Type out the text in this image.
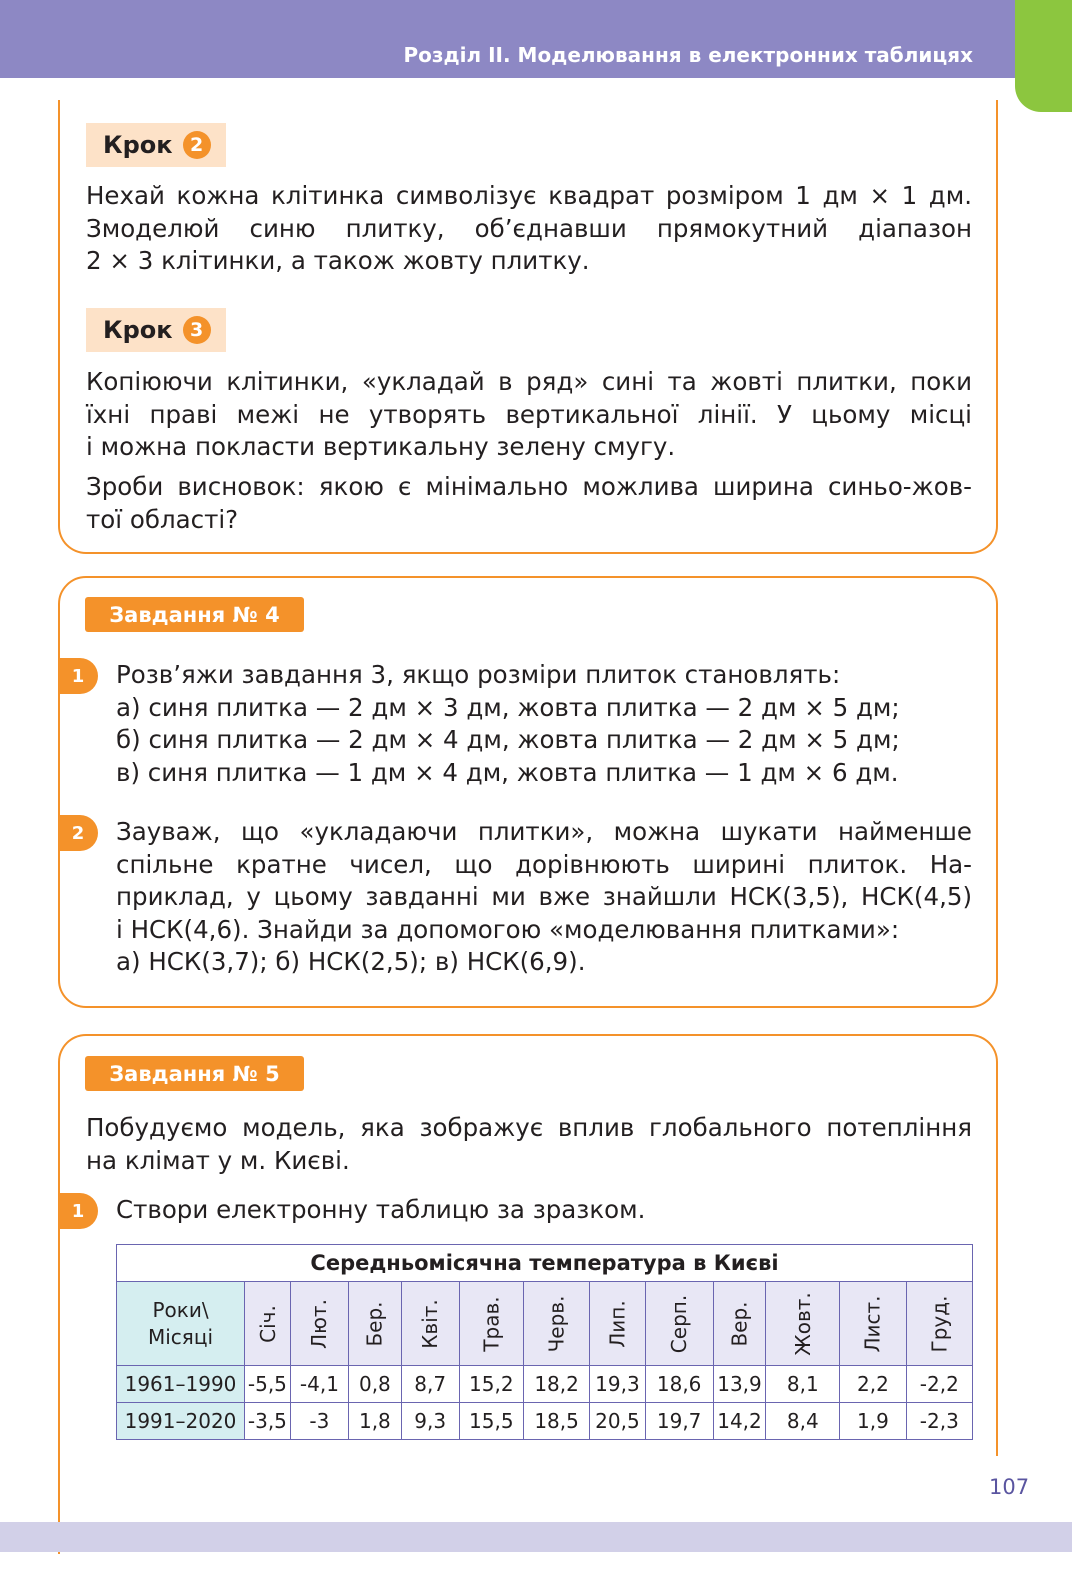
Розділ ІІ. Моделювання в електронних таблицях
Крок 2
Нехай кожна клітинка символізує квадрат розміром 1 дм × 1 дм.
Змоделюй синю плитку, об’єднавши прямокутний діапазон
2 × 3 клітинки, а також жовту плитку.
Крок 3
Копіюючи клітинки, «укладай в ряд» сині та жовті плитки, поки
їхні праві межі не утворять вертикальної лінії. У цьому місці
і можна покласти вертикальну зелену смугу.
Зроби висновок: якою є мінімально можлива ширина синьо-жов-
тої області?
Завдання № 4
1	Розв’яжи завдання 3, якщо розміри плиток становлять:
а) синя плитка — 2 дм × 3 дм, жовта плитка — 2 дм × 5 дм;
б) синя плитка — 2 дм × 4 дм, жовта плитка — 2 дм × 5 дм;
в) синя плитка — 1 дм × 4 дм, жовта плитка — 1 дм × 6 дм.
2	Зауваж, що «укладаючи плитки», можна шукати найменше
спільне кратне чисел, що дорівнюють ширині плиток. На-
приклад, у цьому завданні ми вже знайшли НСК(3,5), НСК(4,5)
і НСК(4,6). Знайди за допомогою «моделювання плитками»:
а) НСК(3,7); б) НСК(2,5); в) НСК(6,9).
Завдання № 5
Побудуємо модель, яка зображує вплив глобального потепління
на клімат у м. Києві.
1	Створи електронну таблицю за зразком.
Середньомісячна температура в Києві												
Роки\
Місяці	Січ.	Лют.	Бер.	Квіт.	Трав.	Черв.	Лип.	Серп.	Вер.	Жовт.	Лист.	Груд.
1961–1990	-5,5	-4,1	0,8	8,7	15,2	18,2	19,3	18,6	13,9	8,1	2,2	-2,2
1991–2020	-3,5	-3	1,8	9,3	15,5	18,5	20,5	19,7	14,2	8,4	1,9	-2,3
107
